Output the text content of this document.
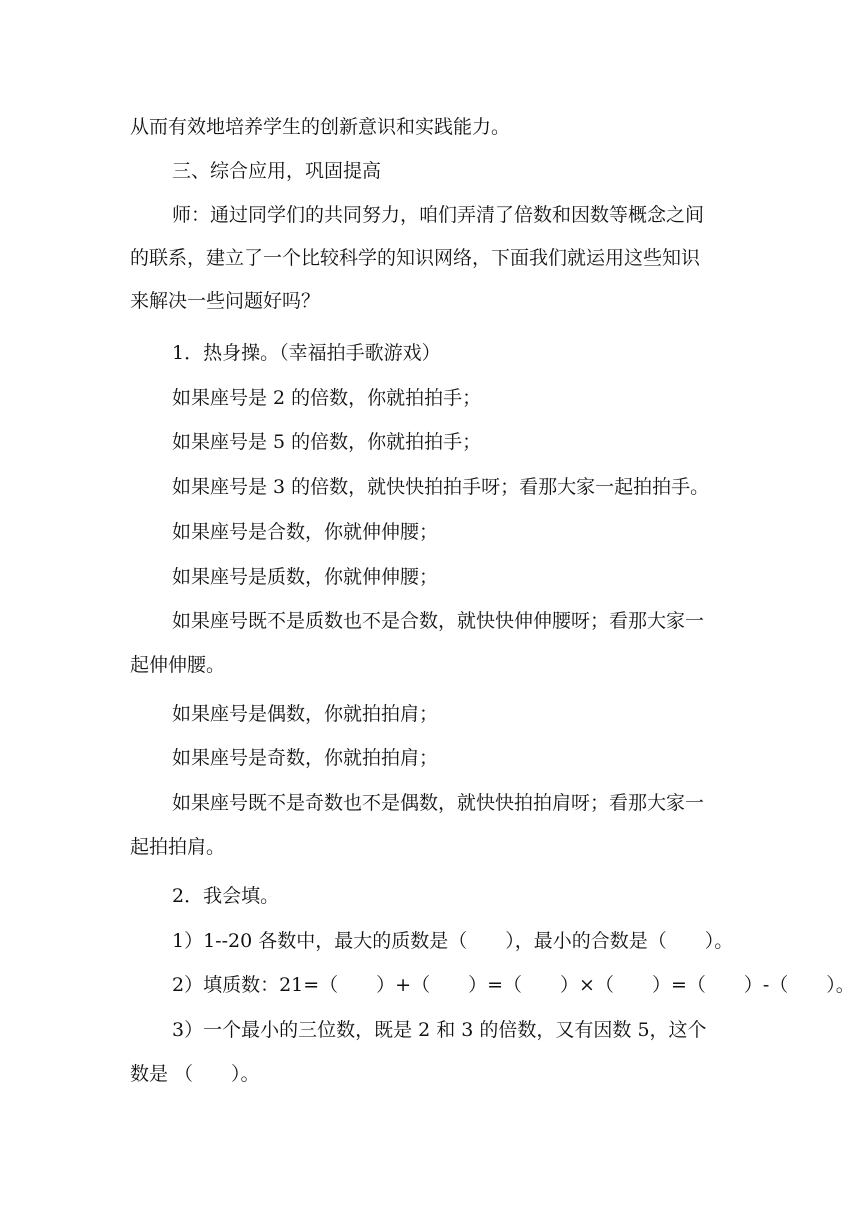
从而有效地培养学生的创新意识和实践能力。
三、综合应用，巩固提高
师：通过同学们的共同努力，咱们弄清了倍数和因数等概念之间
的联系，建立了一个比较科学的知识网络，下面我们就运用这些知识
来解决一些问题好吗？
1．热身操。（幸福拍手歌游戏）
如果座号是 2 的倍数，你就拍拍手；
如果座号是 5 的倍数，你就拍拍手；
如果座号是 3 的倍数，就快快拍拍手呀；看那大家一起拍拍手。
如果座号是合数，你就伸伸腰；
如果座号是质数，你就伸伸腰；
如果座号既不是质数也不是合数，就快快伸伸腰呀；看那大家一
起伸伸腰。
如果座号是偶数，你就拍拍肩；
如果座号是奇数，你就拍拍肩；
如果座号既不是奇数也不是偶数，就快快拍拍肩呀；看那大家一
起拍拍肩。
2．我会填。
1）1--20 各数中，最大的质数是（　　），最小的合数是（　　）。
2）填质数：21=（　　）+（　　）=（　　）×（　　）=（　　）-（　　）。
3）一个最小的三位数，既是 2 和 3 的倍数，又有因数 5，这个
数是 （　　）。
